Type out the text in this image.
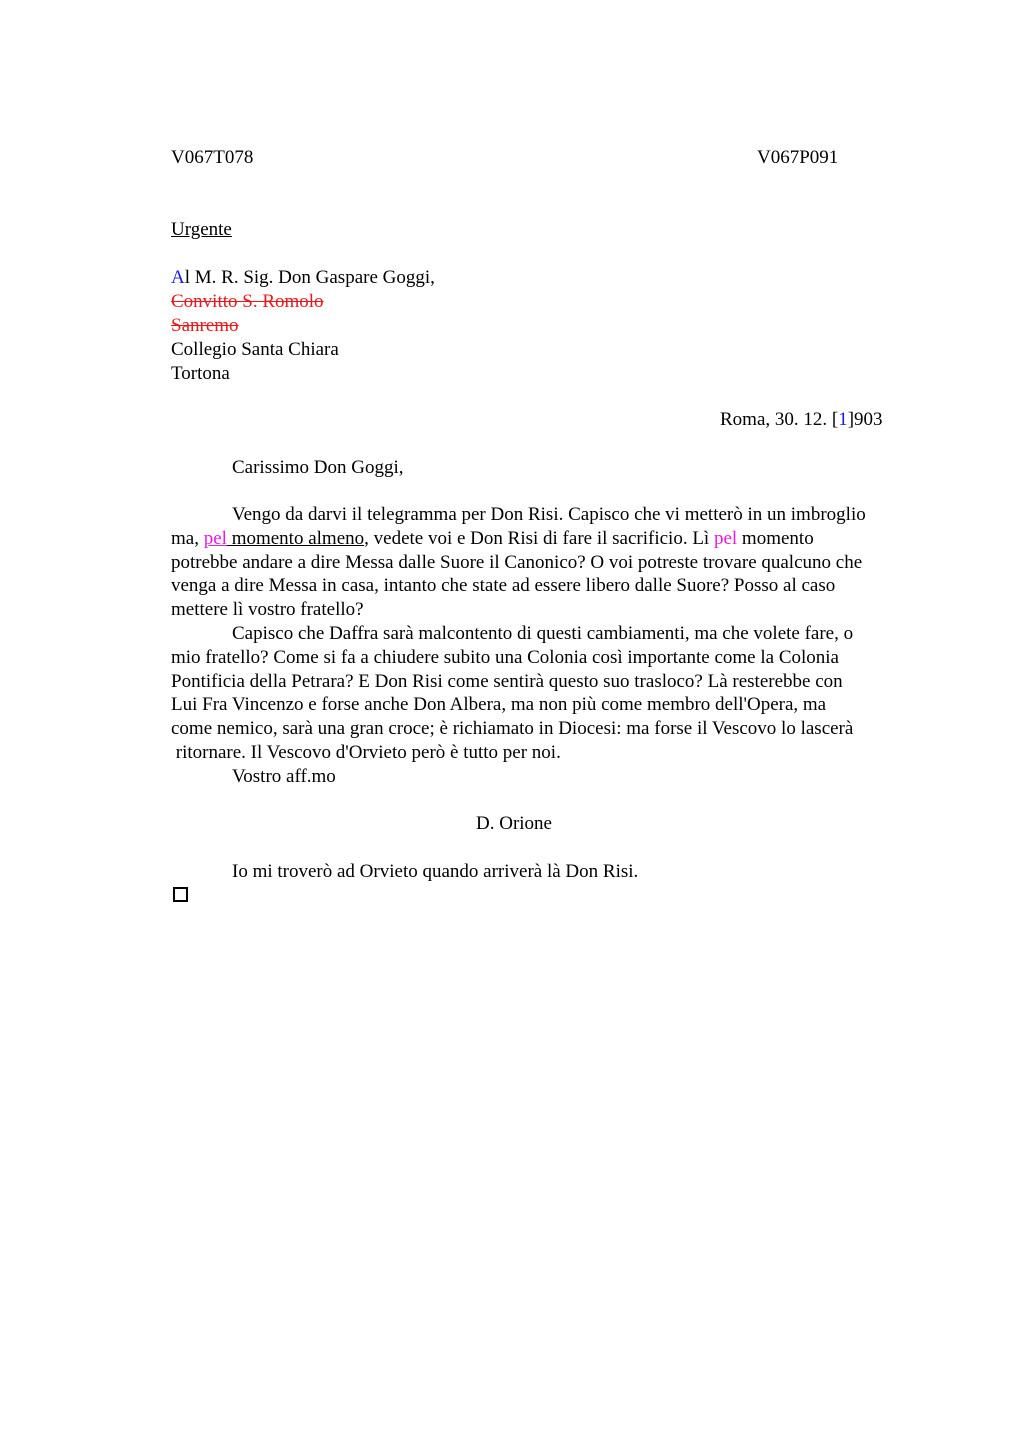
V067T078	V067P091
Urgente
Al M. R. Sig. Don Gaspare Goggi,
Convitto S. Romolo
Sanremo
Collegio Santa Chiara
Tortona
Roma, 30. 12. [1]903
Carissimo Don Goggi,
Vengo da darvi il telegramma per Don Risi. Capisco che vi metterò in un imbroglio
ma, pel momento almeno, vedete voi e Don Risi di fare il sacrificio. Lì pel momento
potrebbe andare a dire Messa dalle Suore il Canonico? O voi potreste trovare qualcuno che
venga a dire Messa in casa, intanto che state ad essere libero dalle Suore? Posso al caso
mettere lì vostro fratello?
Capisco che Daffra sarà malcontento di questi cambiamenti, ma che volete fare, o
mio fratello? Come si fa a chiudere subito una Colonia così importante come la Colonia
Pontificia della Petrara? E Don Risi come sentirà questo suo trasloco? Là resterebbe con
Lui Fra Vincenzo e forse anche Don Albera, ma non più come membro dell'Opera, ma
come nemico, sarà una gran croce; è richiamato in Diocesi: ma forse il Vescovo lo lascerà
ritornare. Il Vescovo d'Orvieto però è tutto per noi.
Vostro aff.mo
D. Orione
Io mi troverò ad Orvieto quando arriverà là Don Risi.
